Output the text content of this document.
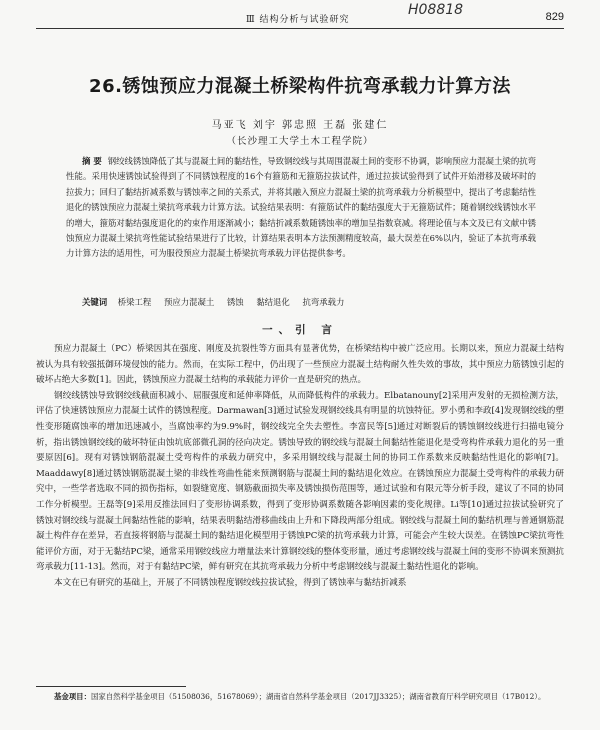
Ⅲ 结构分析与试验研究
H08818	829
26.锈蚀预应力混凝土桥梁构件抗弯承载力计算方法
马亚飞 刘宇 郭忠照 王磊 张建仁
（长沙理工大学土木工程学院）
摘 要 钢绞线锈蚀降低了其与混凝土间的黏结性，导致钢绞线与其周围混凝土间的变形不协调，影响预应力混凝土梁的抗弯性能。采用快速锈蚀试验得到了不同锈蚀程度的16个有箍筋和无箍筋拉拔试件，通过拉拔试验得到了试件开始滑移及破坏时的拉拔力；回归了黏结折减系数与锈蚀率之间的关系式，并将其融入预应力混凝土梁的抗弯承载力分析模型中，提出了考虑黏结性退化的锈蚀预应力混凝土梁抗弯承载力计算方法。试验结果表明：有箍筋试件的黏结强度大于无箍筋试件；随着钢绞线锈蚀水平的增大，箍筋对黏结强度退化的约束作用逐渐减小；黏结折减系数随锈蚀率的增加呈指数衰减。将理论值与本文及已有文献中锈蚀预应力混凝土梁抗弯性能试验结果进行了比较，计算结果表明本方法预测精度较高，最大误差在6%以内，验证了本抗弯承载力计算方法的适用性，可为服役预应力混凝土桥梁抗弯承载力评估提供参考。
关键词 桥梁工程 预应力混凝土 锈蚀 黏结退化 抗弯承载力
一、引 言

预应力混凝土（PC）桥梁因其在强度、刚度及抗裂性等方面具有显著优势，在桥梁结构中被广泛应用。长期以来，预应力混凝土结构被认为具有较强抵御环境侵蚀的能力。然而，在实际工程中，仍出现了一些预应力混凝土结构耐久性失效的事故，其中预应力筋锈蚀引起的破坏占绝大多数[1]。因此，锈蚀预应力混凝土结构的承载能力评价一直是研究的热点。

钢绞线锈蚀导致钢绞线截面积减小、屈服强度和延伸率降低，从而降低构件的承载力。Elbatanouny[2]采用声发射的无损检测方法，评估了快速锈蚀预应力混凝土试件的锈蚀程度。Darmawan[3]通过试验发现钢绞线具有明显的坑蚀特征。罗小勇和李政[4]发现钢绞线的塑性变形随腐蚀率的增加迅速减小，当腐蚀率约为9.9%时，钢绞线完全失去塑性。李富民等[5]通过对断裂后的锈蚀钢绞线进行扫描电镜分析，指出锈蚀钢绞线的破坏特征由蚀坑底部微孔洞的径向决定。锈蚀导致的钢绞线与混凝土间黏结性能退化是受弯构件承载力退化的另一重要原因[6]。现有对锈蚀钢筋混凝土受弯构件的承载力研究中，多采用钢绞线与混凝土间的协同工作系数来反映黏结性退化的影响[7]。Maaddawy[8]通过锈蚀钢筋混凝土梁的非线性弯曲性能来预测钢筋与混凝土间的黏结退化效应。在锈蚀预应力混凝土受弯构件的承载力研究中，一些学者选取不同的损伤指标，如裂缝宽度、钢筋截面损失率及锈蚀损伤范围等，通过试验和有限元等分析手段，建议了不同的协同工作分析模型。王磊等[9]采用反推法回归了变形协调系数，得到了变形协调系数随各影响因素的变化规律。Li等[10]通过拉拔试验研究了锈蚀对钢绞线与混凝土间黏结性能的影响，结果表明黏结滑移曲线由上升和下降段两部分组成。钢绞线与混凝土间的黏结机理与普通钢筋混凝土构件存在差异，若直接将钢筋与混凝土间的黏结退化模型用于锈蚀PC梁的抗弯承载力计算，可能会产生较大误差。在锈蚀PC梁抗弯性能评价方面，对于无黏结PC梁，通常采用钢绞线应力增量法来计算钢绞线的整体变形量，通过考虑钢绞线与混凝土间的变形不协调来预测抗弯承载力[11-13]。然而，对于有黏结PC梁，鲜有研究在其抗弯承载力分析中考虑钢绞线与混凝土黏结性退化的影响。

本文在已有研究的基础上，开展了不同锈蚀程度钢绞线拉拔试验，得到了锈蚀率与黏结折减系

基金项目：国家自然科学基金项目（51508036，51678069）；湖南省自然科学基金项目（2017JJ3325）；湖南省教育厅科学研究项目（17B012）。
